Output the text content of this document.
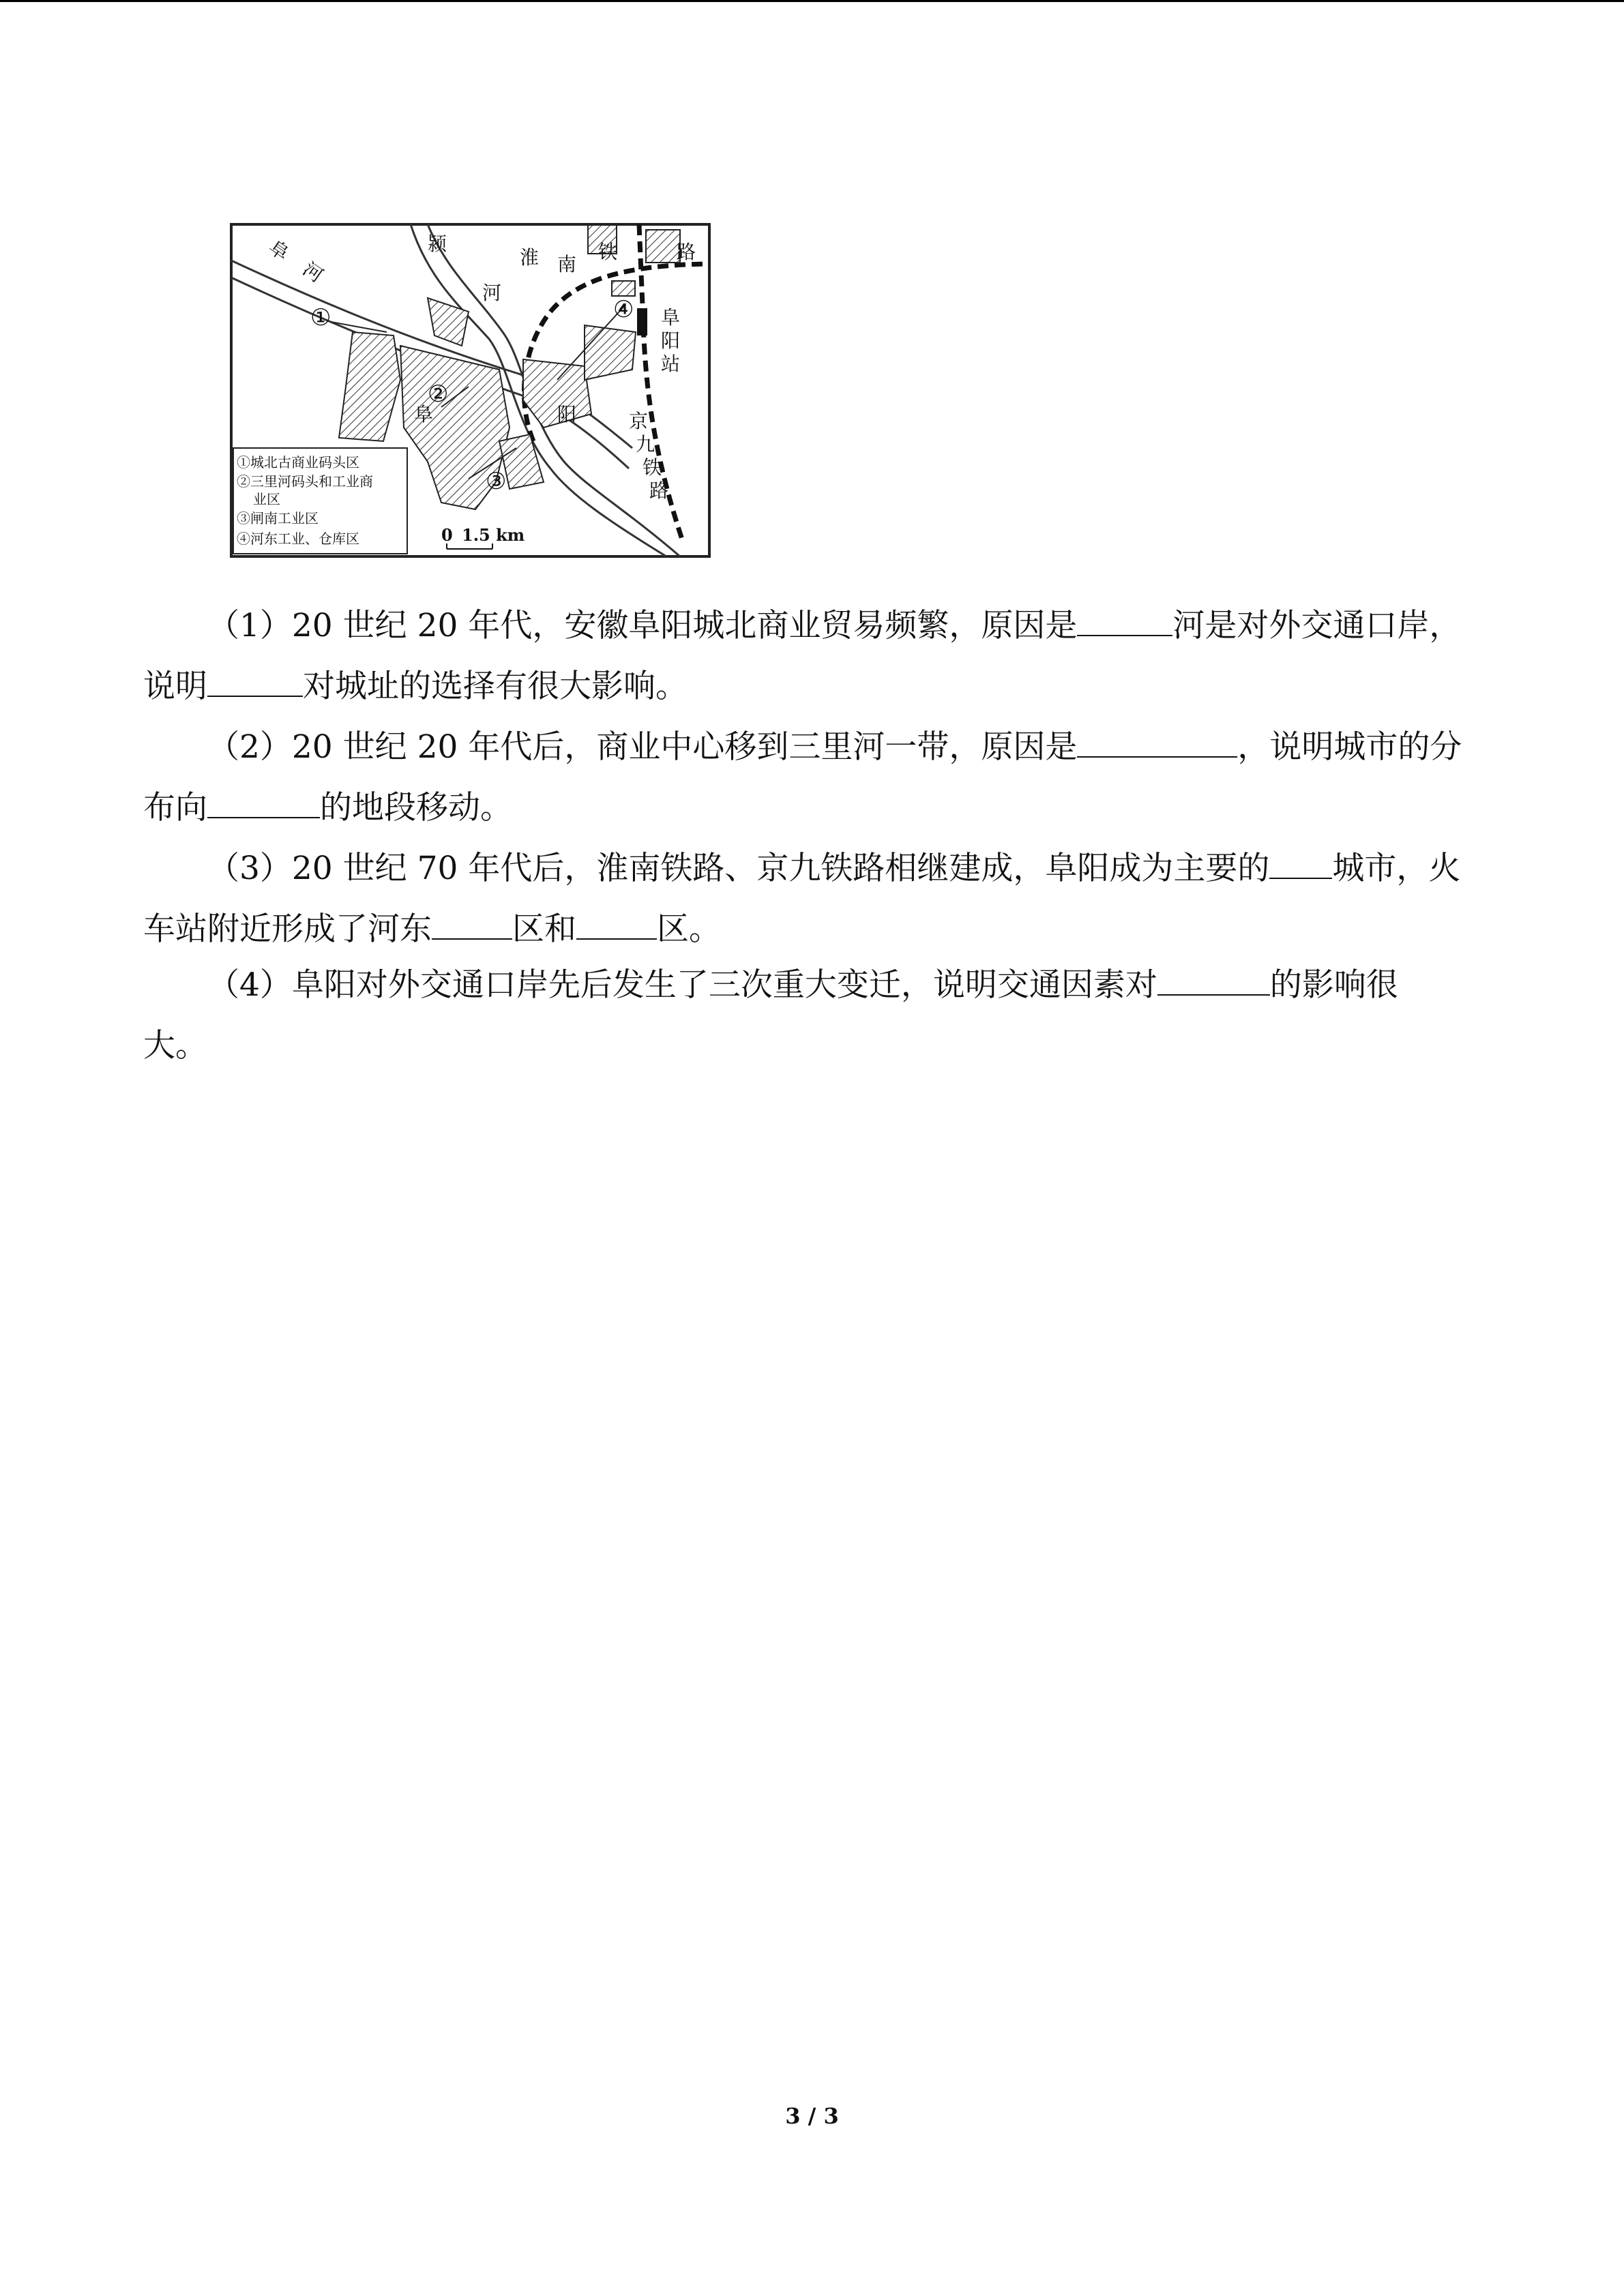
阜
河
颍
河
淮 南
铁	路
阜
阳
站
京
九
铁
路
阜	阳
①
②
③
④
①城北古商业码头区
②三里河码头和工业商
业区
③闸南工业区
④河东工业、仓库区	0 1.5 km
（1）20 世纪 20 年代，安徽阜阳城北商业贸易频繁，原因是	河是对外交通口岸，
说明	对城址的选择有很大影响。
（2）20 世纪 20 年代后，商业中心移到三里河一带，原因是	，说明城市的分
布向	的地段移动。
（3）20 世纪 70 年代后，淮南铁路、京九铁路相继建成，阜阳成为主要的 城市，火
车站附近形成了河东	区和	区。
（4）阜阳对外交通口岸先后发生了三次重大变迁，说明交通因素对	的影响很
大。
3 / 3
